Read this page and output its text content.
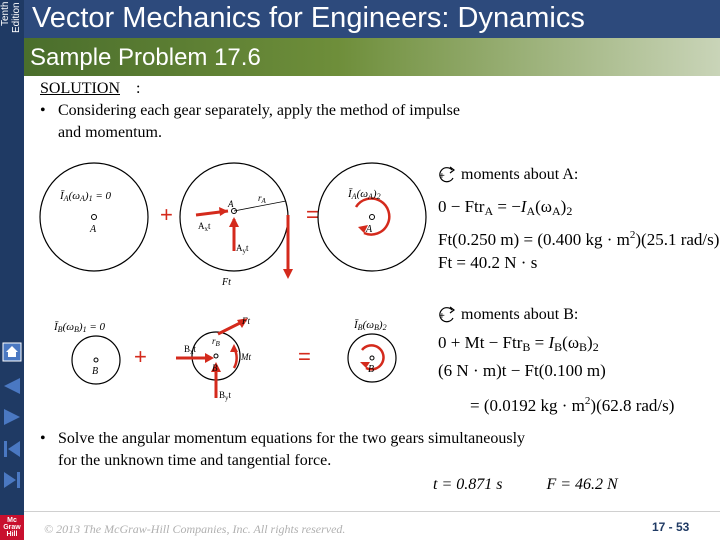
Tenth Edition
Mc
Graw
Hill
Vector Mechanics for Engineers: Dynamics
Sample Problem 17.6

SOLUTION :
• Considering each gear separately, apply the method of impulse
and momentum.
ĪA(ωA)1 = 0
A
+
$r_A$
A
$A_xt$
$A_yt$
Ft
=
ĪA(ωA)2
A
+ moments about A:
$0 - Ftr_A = -I_A(\omega_A)_2$
Ft(0.250 m) = (0.400 kg · $m^2)(25.1$ rad/s)
Ft = 40.2 N · s
ĪB(ωB)1 = 0
B
+
Ft
$B_xt$
$B_yt$
Mt
$r_B$
B	=
ĪB(ωB)2
B
+ moments about B:
$0 + Mt - Ftr_B = I_B(\omega_B)_2$
(6 N · m)t − Ft(0.100 m)
= (0.0192 kg · $m^2)(62.8$ rad/s)
• Solve the angular momentum equations for the two gears simultaneously
for the unknown time and tangential force.
t = 0.871 s	F = 46.2 N
© 2013 The McGraw-Hill Companies, Inc. All rights reserved.	17 - 53
